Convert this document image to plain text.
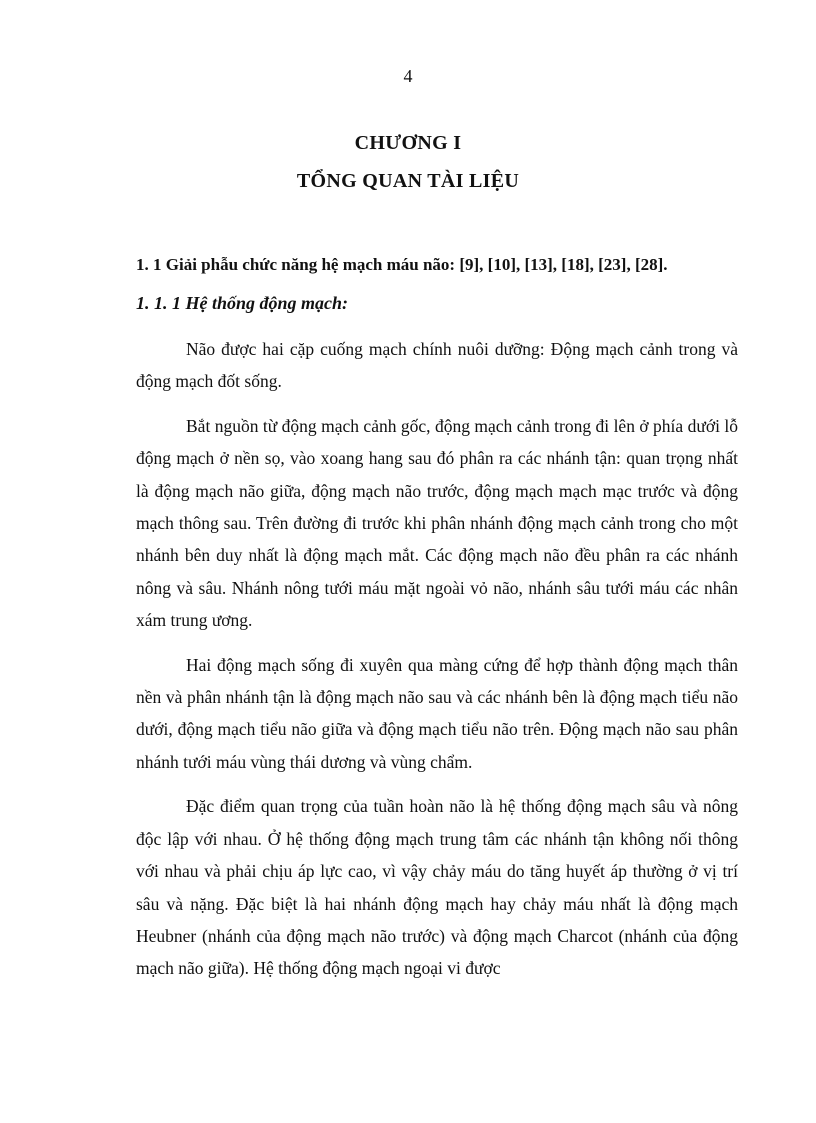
4
CHƯƠNG I
TỔNG QUAN TÀI LIỆU
1. 1 Giải phẫu chức năng hệ mạch máu não: [9], [10], [13], [18], [23], [28].
1. 1. 1 Hệ thống động mạch:

Não được hai cặp cuống mạch chính nuôi dưỡng: Động mạch cảnh trong và động mạch đốt sống.

Bắt nguồn từ động mạch cảnh gốc, động mạch cảnh trong đi lên ở phía dưới lỗ động mạch ở nền sọ, vào xoang hang sau đó phân ra các nhánh tận: quan trọng nhất là động mạch não giữa, động mạch não trước, động mạch mạch mạc trước và động mạch thông sau. Trên đường đi trước khi phân nhánh động mạch cảnh trong cho một nhánh bên duy nhất là động mạch mắt. Các động mạch não đều phân ra các nhánh nông và sâu. Nhánh nông tưới máu mặt ngoài vỏ não, nhánh sâu tưới máu các nhân xám trung ương.

Hai động mạch sống đi xuyên qua màng cứng để hợp thành động mạch thân nền và phân nhánh tận là động mạch não sau và các nhánh bên là động mạch tiểu não dưới, động mạch tiểu não giữa và động mạch tiểu não trên. Động mạch não sau phân nhánh tưới máu vùng thái dương và vùng chẩm.

Đặc điểm quan trọng của tuần hoàn não là hệ thống động mạch sâu và nông độc lập với nhau. Ở hệ thống động mạch trung tâm các nhánh tận không nối thông với nhau và phải chịu áp lực cao, vì vậy chảy máu do tăng huyết áp thường ở vị trí sâu và nặng. Đặc biệt là hai nhánh động mạch hay chảy máu nhất là động mạch Heubner (nhánh của động mạch não trước) và động mạch Charcot (nhánh của động mạch não giữa). Hệ thống động mạch ngoại vi được
